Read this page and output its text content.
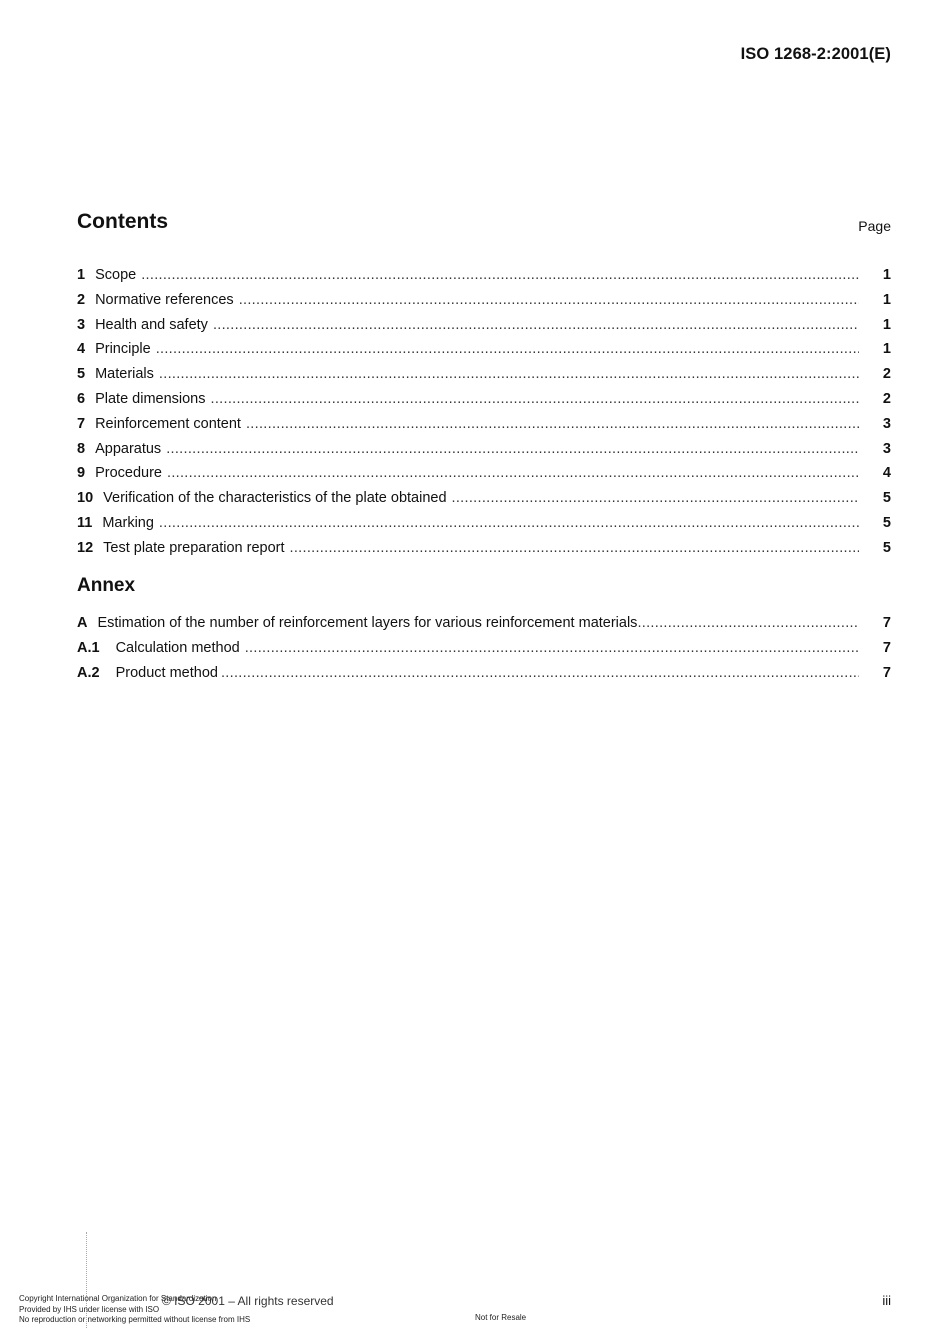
ISO 1268-2:2001(E)
Contents	Page
1 Scope .....	1
2 Normative references .....	1
3 Health and safety .....	1
4 Principle .....	1
5 Materials .....	2
6 Plate dimensions .....	2
7 Reinforcement content .....	3
8 Apparatus .....	3
9 Procedure .....	4
10 Verification of the characteristics of the plate obtained .....	5
11 Marking .....	5
12 Test plate preparation report .....	5
Annex
A Estimation of the number of reinforcement layers for various reinforcement materials .....	7
A.1	Calculation method .....	7
A.2	Product method .....	7
Copyright International Organization for Standardization
Provided by IHS under license with ISO
No reproduction or networking permitted without license from IHS
© ISO 2001 – All rights reserved
Not for Resale
iii
